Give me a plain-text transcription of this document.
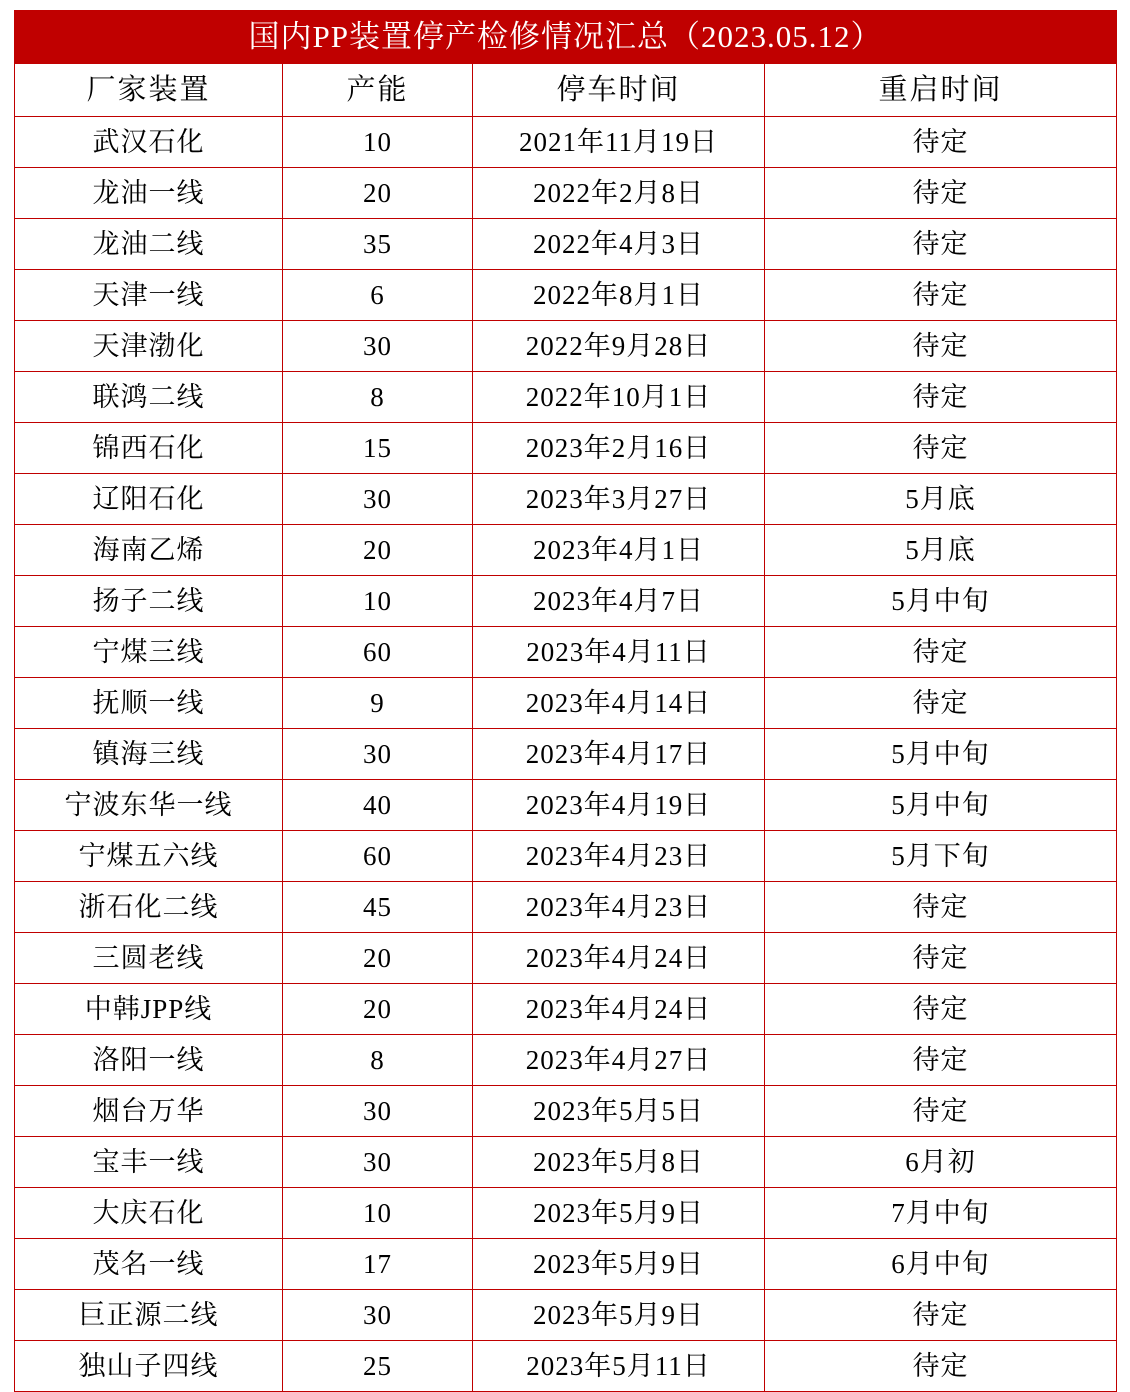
国内PP装置停产检修情况汇总（2023.05.12）			
厂家装置	产能	停车时间	重启时间
武汉石化	10	2021年11月19日	待定
龙油一线	20	2022年2月8日	待定
龙油二线	35	2022年4月3日	待定
天津一线	6	2022年8月1日	待定
天津渤化	30	2022年9月28日	待定
联鸿二线	8	2022年10月1日	待定
锦西石化	15	2023年2月16日	待定
辽阳石化	30	2023年3月27日	5月底
海南乙烯	20	2023年4月1日	5月底
扬子二线	10	2023年4月7日	5月中旬
宁煤三线	60	2023年4月11日	待定
抚顺一线	9	2023年4月14日	待定
镇海三线	30	2023年4月17日	5月中旬
宁波东华一线	40	2023年4月19日	5月中旬
宁煤五六线	60	2023年4月23日	5月下旬
浙石化二线	45	2023年4月23日	待定
三圆老线	20	2023年4月24日	待定
中韩JPP线	20	2023年4月24日	待定
洛阳一线	8	2023年4月27日	待定
烟台万华	30	2023年5月5日	待定
宝丰一线	30	2023年5月8日	6月初
大庆石化	10	2023年5月9日	7月中旬
茂名一线	17	2023年5月9日	6月中旬
巨正源二线	30	2023年5月9日	待定
独山子四线	25	2023年5月11日	待定
